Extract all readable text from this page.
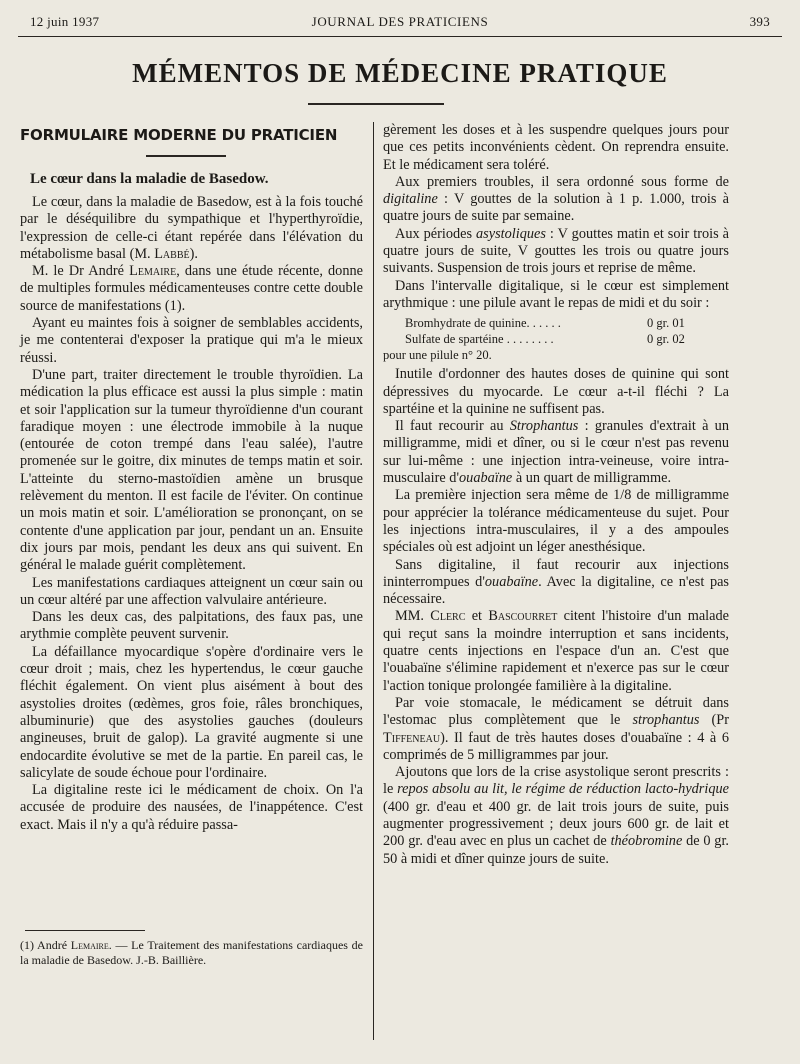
12 juin 1937	JOURNAL DES PRATICIENS	393
MÉMENTOS DE MÉDECINE PRATIQUE
FORMULAIRE MODERNE DU PRATICIEN
Le cœur dans la maladie de Basedow.

Le cœur, dans la maladie de Basedow, est à la fois touché par le déséquilibre du sympathique et l'hyperthyroïdie, l'expression de celle-ci étant repérée dans l'élévation du métabolisme basal (M. Labbé).

M. le Dr André Lemaire, dans une étude récente, donne de multiples formules médicamenteuses contre cette double source de manifestations (1).

Ayant eu maintes fois à soigner de semblables accidents, je me contenterai d'exposer la pratique qui m'a le mieux réussi.

D'une part, traiter directement le trouble thyroïdien. La médication la plus efficace est aussi la plus simple : matin et soir l'application sur la tumeur thyroïdienne d'un courant faradique moyen : une électrode immobile à la nuque (entourée de coton trempé dans l'eau salée), l'autre promenée sur le goitre, dix minutes de temps matin et soir. L'atteinte du sterno-mastoïdien amène un brusque relèvement du menton. Il est facile de l'éviter. On continue un mois matin et soir. L'amélioration se prononçant, on se contente d'une application par jour, pendant un an. Ensuite dix jours par mois, pendant les deux ans qui suivent. En général le malade guérit complètement.

Les manifestations cardiaques atteignent un cœur sain ou un cœur altéré par une affection valvulaire antérieure.

Dans les deux cas, des palpitations, des faux pas, une arythmie complète peuvent survenir.

La défaillance myocardique s'opère d'ordinaire vers le cœur droit ; mais, chez les hypertendus, le cœur gauche fléchit également. On vient plus aisément à bout des asystolies droites (œdèmes, gros foie, râles bronchiques, albuminurie) que des asystolies gauches (douleurs angineuses, bruit de galop). La gravité augmente si une endocardite évolutive se met de la partie. En pareil cas, le salicylate de soude échoue pour l'ordinaire.

La digitaline reste ici le médicament de choix. On l'a accusée de produire des nausées, de l'inappétence. C'est exact. Mais il n'y a qu'à réduire passa-

(1) André Lemaire. — Le Traitement des manifestations cardiaques de la maladie de Basedow. J.-B. Baillière.

gèrement les doses et à les suspendre quelques jours pour que ces petits inconvénients cèdent. On reprendra ensuite. Et le médicament sera toléré.

Aux premiers troubles, il sera ordonné sous forme de digitaline : V gouttes de la solution à 1 p. 1.000, trois à quatre jours de suite par semaine.

Aux périodes asystoliques : V gouttes matin et soir trois à quatre jours de suite, V gouttes les trois ou quatre jours suivants. Suspension de trois jours et reprise de même.

Dans l'intervalle digitalique, si le cœur est simplement arythmique : une pilule avant le repas de midi et du soir :

Bromhydrate de quinine. . . . . .	0 gr. 01
Sulfate de spartéine . . . . . . . .	0 gr. 02
pour une pilule n° 20.

Inutile d'ordonner des hautes doses de quinine qui sont dépressives du myocarde. Le cœur a-t-il fléchi ? La spartéine et la quinine ne suffisent pas.

Il faut recourir au Strophantus : granules d'extrait à un milligramme, midi et dîner, ou si le cœur n'est pas revenu sur lui-même : une injection intra-veineuse, voire intra-musculaire d'ouabaïne à un quart de milligramme.

La première injection sera même de 1/8 de milligramme pour apprécier la tolérance médicamenteuse du sujet. Pour les injections intra-musculaires, il y a des ampoules spéciales où est adjoint un léger anesthésique.

Sans digitaline, il faut recourir aux injections ininterrompues d'ouabaïne. Avec la digitaline, ce n'est pas nécessaire.

MM. Clerc et Bascourret citent l'histoire d'un malade qui reçut sans la moindre interruption et sans incidents, quatre cents injections en l'espace d'un an. C'est que l'ouabaïne s'élimine rapidement et n'exerce pas sur le cœur l'action tonique prolongée familière à la digitaline.

Par voie stomacale, le médicament se détruit dans l'estomac plus complètement que le strophantus (Pr Tiffeneau). Il faut de très hautes doses d'ouabaïne : 4 à 6 comprimés de 5 milligrammes par jour.

Ajoutons que lors de la crise asystolique seront prescrits : le repos absolu au lit, le régime de réduction lacto-hydrique (400 gr. d'eau et 400 gr. de lait trois jours de suite, puis augmenter progressivement ; deux jours 600 gr. de lait et 200 gr. d'eau avec en plus un cachet de théobromine de 0 gr. 50 à midi et dîner quinze jours de suite.
